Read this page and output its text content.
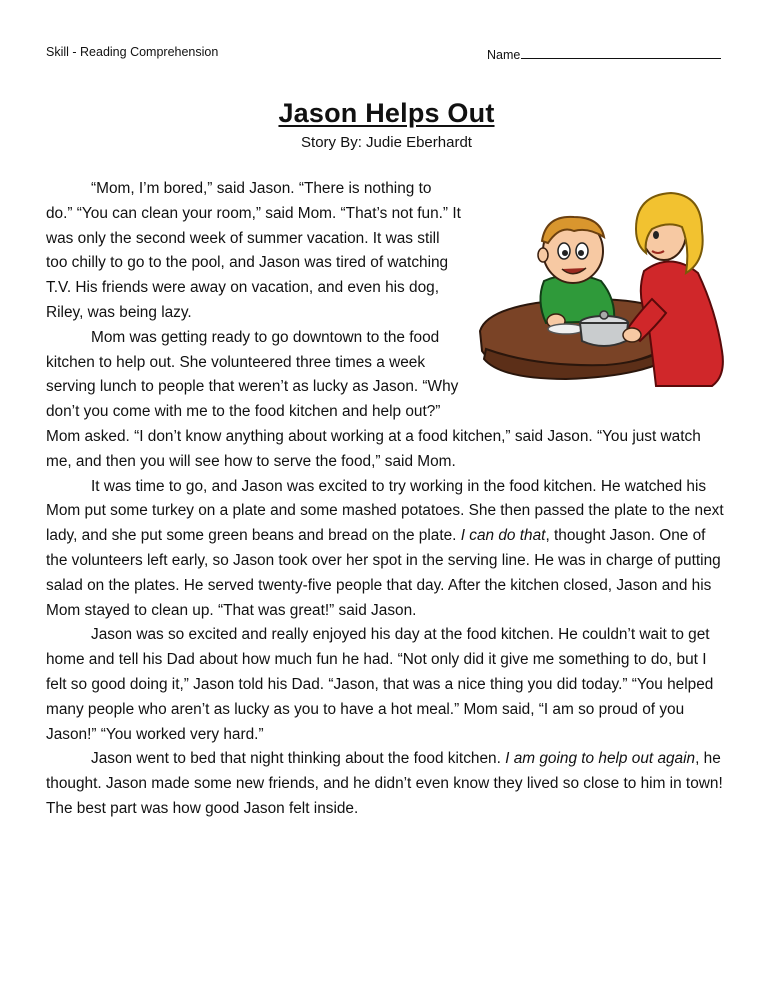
Skill - Reading Comprehension	Name
Jason Helps Out
Story By: Judie Eberhardt

“Mom, I’m bored,” said Jason. “There is nothing to do.” “You can clean your room,” said Mom. “That’s not fun.” It was only the second week of summer vacation. It was still too chilly to go to the pool, and Jason was tired of watching T.V. His friends were away on vacation, and even his dog, Riley, was being lazy.

Mom was getting ready to go downtown to the food kitchen to help out. She volunteered three times a week serving lunch to people that weren’t as lucky as Jason. “Why don’t you come with me to the food kitchen and help out?” Mom asked. “I don’t know anything about working at a food kitchen,” said Jason. “You just watch me, and then you will see how to serve the food,” said Mom.

It was time to go, and Jason was excited to try working in the food kitchen. He watched his Mom put some turkey on a plate and some mashed potatoes. She then passed the plate to the next lady, and she put some green beans and bread on the plate. I can do that, thought Jason. One of the volunteers left early, so Jason took over her spot in the serving line. He was in charge of putting salad on the plates. He served twenty-five people that day. After the kitchen closed, Jason and his Mom stayed to clean up. “That was great!” said Jason.

Jason was so excited and really enjoyed his day at the food kitchen. He couldn’t wait to get home and tell his Dad about how much fun he had. “Not only did it give me something to do, but I felt so good doing it,” Jason told his Dad. “Jason, that was a nice thing you did today.” “You helped many people who aren’t as lucky as you to have a hot meal.” Mom said, “I am so proud of you Jason!” “You worked very hard.”

Jason went to bed that night thinking about the food kitchen. I am going to help out again, he thought. Jason made some new friends, and he didn’t even know they lived so close to him in town! The best part was how good Jason felt inside.
